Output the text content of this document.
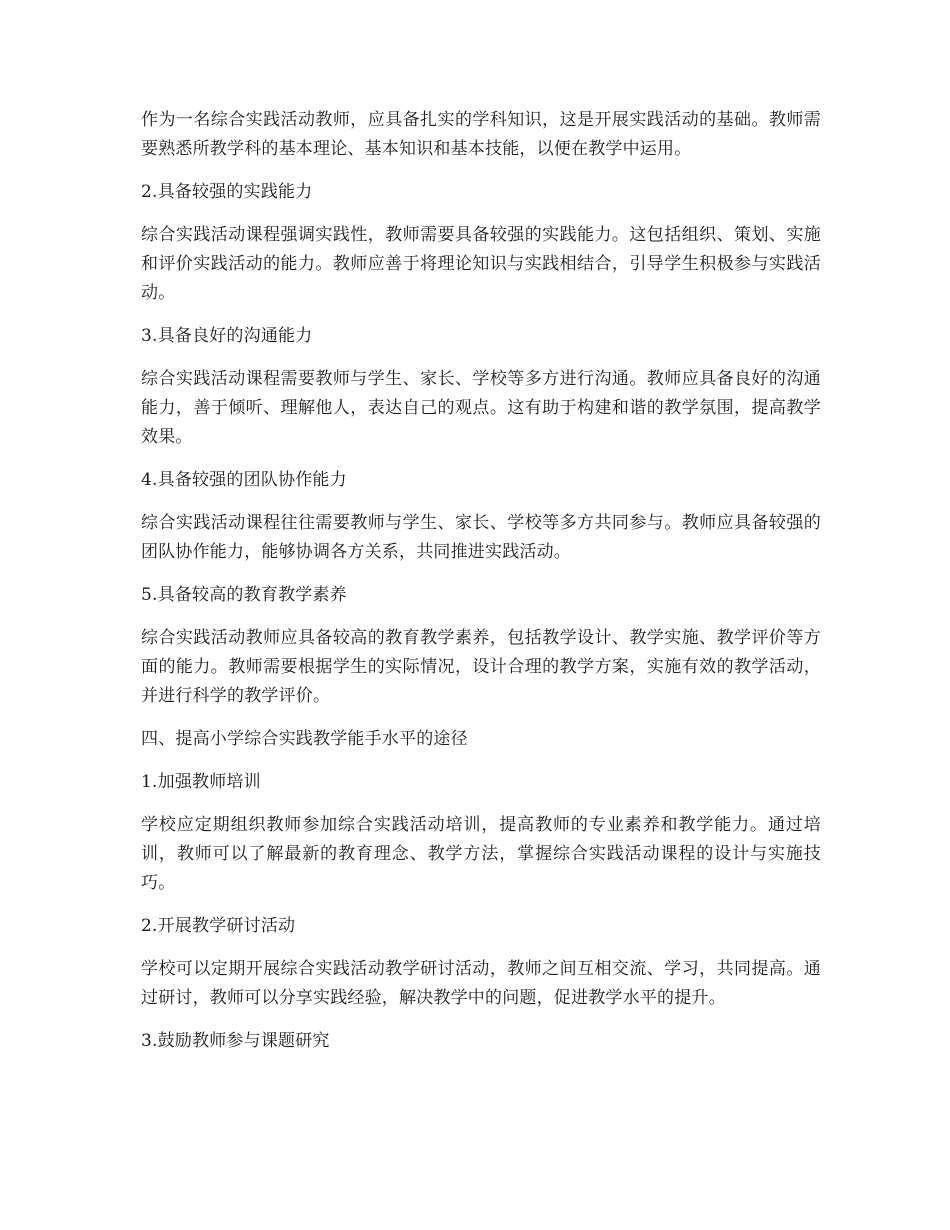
作为一名综合实践活动教师，应具备扎实的学科知识，这是开展实践活动的基础。教师需要熟悉所教学科的基本理论、基本知识和基本技能，以便在教学中运用。

2.具备较强的实践能力

综合实践活动课程强调实践性，教师需要具备较强的实践能力。这包括组织、策划、实施和评价实践活动的能力。教师应善于将理论知识与实践相结合，引导学生积极参与实践活动。

3.具备良好的沟通能力

综合实践活动课程需要教师与学生、家长、学校等多方进行沟通。教师应具备良好的沟通能力，善于倾听、理解他人，表达自己的观点。这有助于构建和谐的教学氛围，提高教学效果。

4.具备较强的团队协作能力

综合实践活动课程往往需要教师与学生、家长、学校等多方共同参与。教师应具备较强的团队协作能力，能够协调各方关系，共同推进实践活动。

5.具备较高的教育教学素养

综合实践活动教师应具备较高的教育教学素养，包括教学设计、教学实施、教学评价等方面的能力。教师需要根据学生的实际情况，设计合理的教学方案，实施有效的教学活动，并进行科学的教学评价。

四、提高小学综合实践教学能手水平的途径

1.加强教师培训

学校应定期组织教师参加综合实践活动培训，提高教师的专业素养和教学能力。通过培训，教师可以了解最新的教育理念、教学方法，掌握综合实践活动课程的设计与实施技巧。

2.开展教学研讨活动

学校可以定期开展综合实践活动教学研讨活动，教师之间互相交流、学习，共同提高。通过研讨，教师可以分享实践经验，解决教学中的问题，促进教学水平的提升。

3.鼓励教师参与课题研究
